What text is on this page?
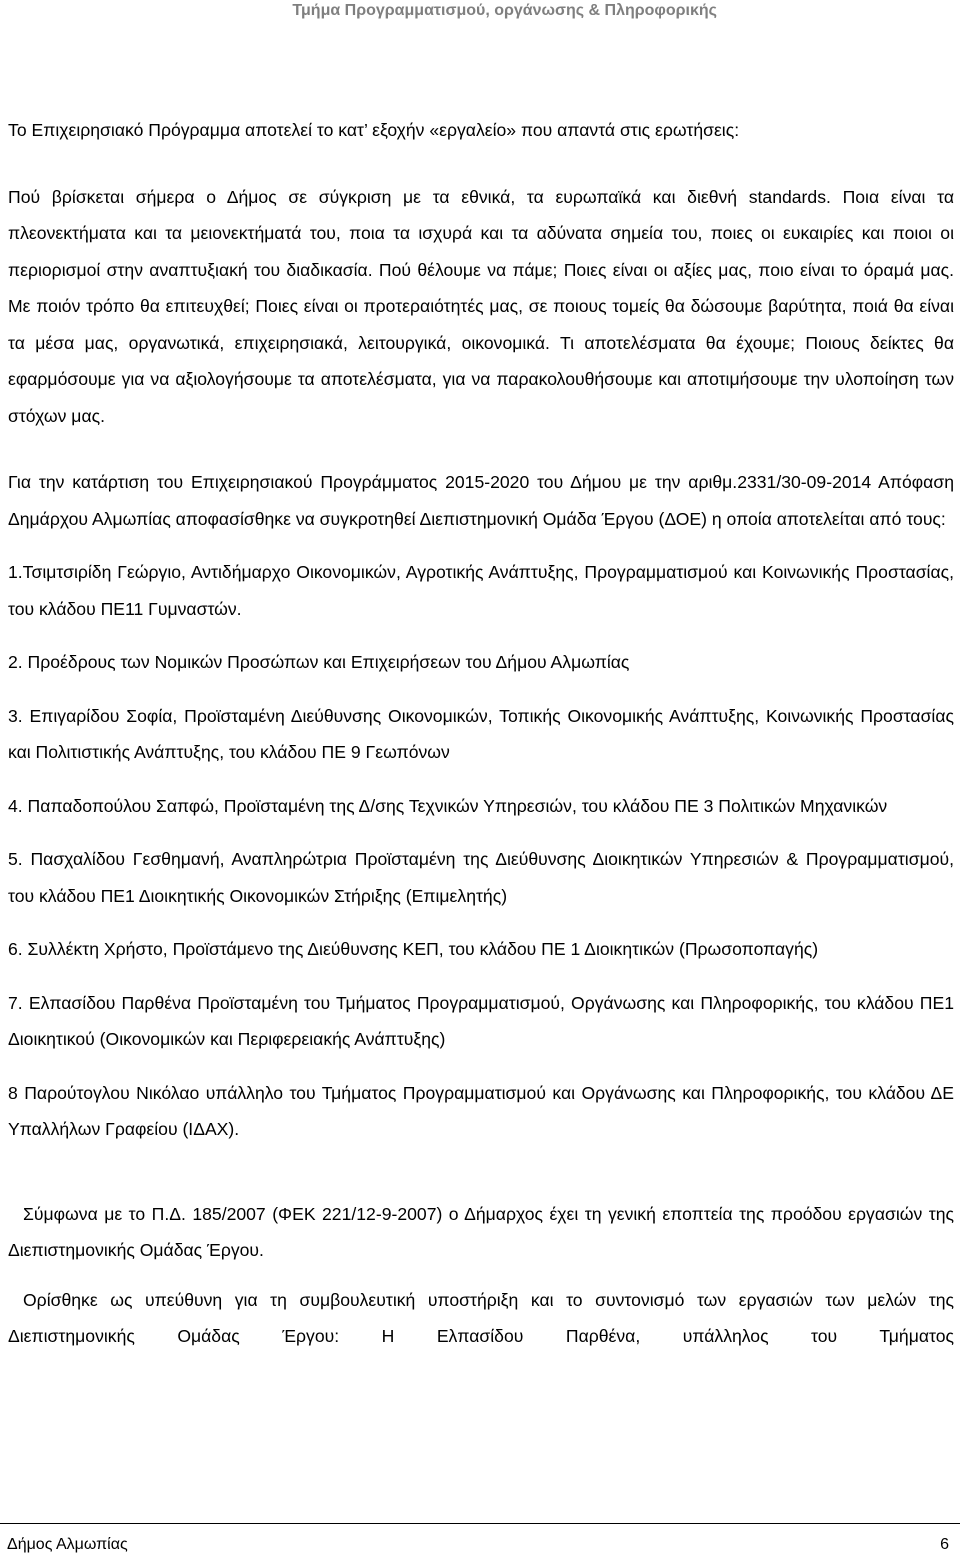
Τμήμα Προγραμματισμού, οργάνωσης & Πληροφορικής

Το Επιχειρησιακό Πρόγραμμα αποτελεί το κατ’ εξοχήν «εργαλείο» που απαντά στις ερωτήσεις:

Πού βρίσκεται σήμερα ο Δήμος σε σύγκριση με τα εθνικά, τα ευρωπαϊκά και διεθνή standards. Ποια είναι τα πλεονεκτήματα και τα μειονεκτήματά του, ποια τα ισχυρά και τα αδύνατα σημεία του, ποιες οι ευκαιρίες και ποιοι οι περιορισμοί στην αναπτυξιακή του διαδικασία. Πού θέλουμε να πάμε; Ποιες είναι οι αξίες μας, ποιο είναι το όραμά μας. Με ποιόν τρόπο θα επιτευχθεί; Ποιες είναι οι προτεραιότητές μας, σε ποιους τομείς θα δώσουμε βαρύτητα, ποιά θα είναι τα μέσα μας, οργανωτικά, επιχειρησιακά, λειτουργικά, οικονομικά. Τι αποτελέσματα θα έχουμε; Ποιους δείκτες θα εφαρμόσουμε για να αξιολογήσουμε τα αποτελέσματα, για να παρακολουθήσουμε και αποτιμήσουμε την υλοποίηση των στόχων μας.

Για την κατάρτιση του Επιχειρησιακού Προγράμματος 2015-2020 του Δήμου με την αριθμ.2331/30-09-2014 Απόφαση Δημάρχου Αλμωπίας αποφασίσθηκε να συγκροτηθεί Διεπιστημονική Ομάδα Έργου (ΔΟΕ) η οποία αποτελείται από τους:

1.Τσιμτσιρίδη Γεώργιο, Αντιδήμαρχο Οικονομικών, Αγροτικής Ανάπτυξης, Προγραμματισμού και Κοινωνικής Προστασίας, του κλάδου ΠΕ11 Γυμναστών.

2. Προέδρους των Νομικών Προσώπων και Επιχειρήσεων του Δήμου Αλμωπίας

3. Επιγαρίδου Σοφία, Προϊσταμένη Διεύθυνσης Οικονομικών, Τοπικής Οικονομικής Ανάπτυξης, Κοινωνικής Προστασίας και Πολιτιστικής Ανάπτυξης, του κλάδου ΠΕ 9 Γεωπόνων

4. Παπαδοπούλου Σαπφώ, Προϊσταμένη της Δ/σης Τεχνικών Υπηρεσιών, του κλάδου ΠΕ 3 Πολιτικών Μηχανικών

5. Πασχαλίδου Γεσθημανή, Αναπληρώτρια Προϊσταμένη της Διεύθυνσης Διοικητικών Υπηρεσιών & Προγραμματισμού, του κλάδου ΠΕ1 Διοικητικής Οικονομικών Στήριξης (Επιμελητής)

6. Συλλέκτη Χρήστο, Προϊστάμενο της Διεύθυνσης ΚΕΠ, του κλάδου ΠΕ 1 Διοικητικών (Πρωσοποπαγής)

7. Ελπασίδου Παρθένα Προϊσταμένη του Τμήματος Προγραμματισμού, Οργάνωσης και Πληροφορικής, του κλάδου ΠΕ1 Διοικητικού (Οικονομικών και Περιφερειακής Ανάπτυξης)

8 Παρούτογλου Νικόλαο υπάλληλο του Τμήματος Προγραμματισμού και Οργάνωσης και Πληροφορικής, του κλάδου ΔΕ Υπαλλήλων Γραφείου (ΙΔΑΧ).

Σύμφωνα με το Π.Δ. 185/2007 (ΦΕΚ 221/12-9-2007) ο Δήμαρχος έχει τη γενική εποπτεία της προόδου εργασιών της Διεπιστημονικής Ομάδας Έργου.

Ορίσθηκε ως υπεύθυνη για τη συμβουλευτική υποστήριξη και το συντονισμό των εργασιών των μελών της Διεπιστημονικής Ομάδας Έργου: Η Ελπασίδου Παρθένα, υπάλληλος του Τμήματος

Δήμος Αλμωπίας	6
